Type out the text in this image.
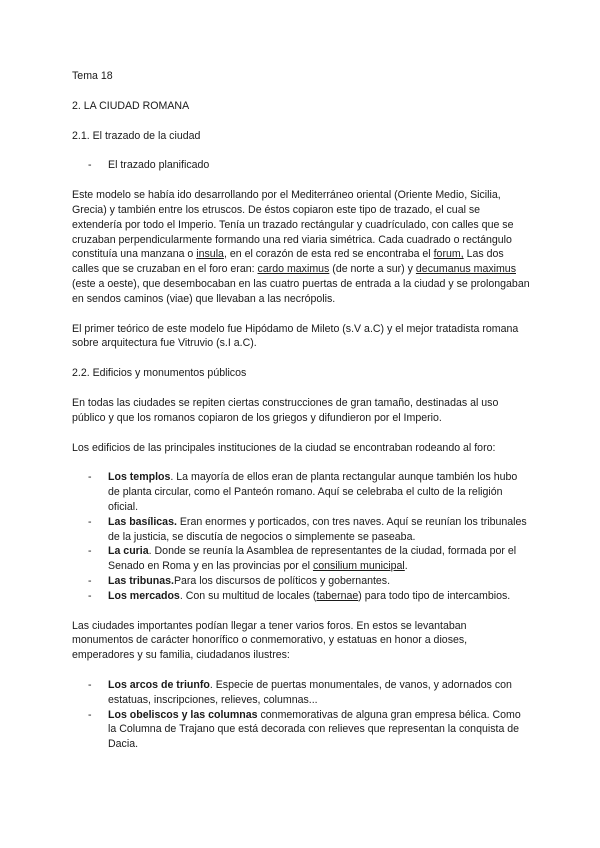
Tema 18

2. LA CIUDAD ROMANA

2.1. El trazado de la ciudad

- El trazado planificado

Este modelo se había ido desarrollando por el Mediterráneo oriental (Oriente Medio, Sicilia, Grecia) y también entre los etruscos. De éstos copiaron este tipo de trazado, el cual se extendería por todo el Imperio. Tenía un trazado rectángular y cuadrículado, con calles que se cruzaban perpendicularmente formando una red viaria simétrica. Cada cuadrado o rectángulo constituía una manzana o insula, en el corazón de esta red se encontraba el forum, Las dos calles que se cruzaban en el foro eran: cardo maximus (de norte a sur) y decumanus maximus (este a oeste), que desembocaban en las cuatro puertas de entrada a la ciudad y se prolongaban en sendos caminos (viae) que llevaban a las necrópolis.

El primer teórico de este modelo fue Hipódamo de Mileto (s.V a.C) y el mejor tratadista romana sobre arquitectura fue Vitruvio (s.I a.C).

2.2. Edificios y monumentos públicos

En todas las ciudades se repiten ciertas construcciones de gran tamaño, destinadas al uso público y que los romanos copiaron de los griegos y difundieron por el Imperio.

Los edificios de las principales instituciones de la ciudad se encontraban rodeando al foro:

- Los templos. La mayoría de ellos eran de planta rectangular aunque también los hubo de planta circular, como el Panteón romano. Aquí se celebraba el culto de la religión oficial.
- Las basílicas. Eran enormes y porticados, con tres naves. Aquí se reunían los tribunales de la justicia, se discutía de negocios o simplemente se paseaba.
- La curia. Donde se reunía la Asamblea de representantes de la ciudad, formada por el Senado en Roma y en las provincias por el consilium municipal.
- Las tribunas.Para los discursos de políticos y gobernantes.
- Los mercados. Con su multitud de locales (tabernae) para todo tipo de intercambios.

Las ciudades importantes podían llegar a tener varios foros. En estos se levantaban monumentos de carácter honorífico o conmemorativo, y estatuas en honor a dioses, emperadores y su familia, ciudadanos ilustres:

- Los arcos de triunfo. Especie de puertas monumentales, de vanos, y adornados con estatuas, inscripciones, relieves, columnas...
- Los obeliscos y las columnas conmemorativas de alguna gran empresa bélica. Como la Columna de Trajano que está decorada con relieves que representan la conquista de Dacia.
